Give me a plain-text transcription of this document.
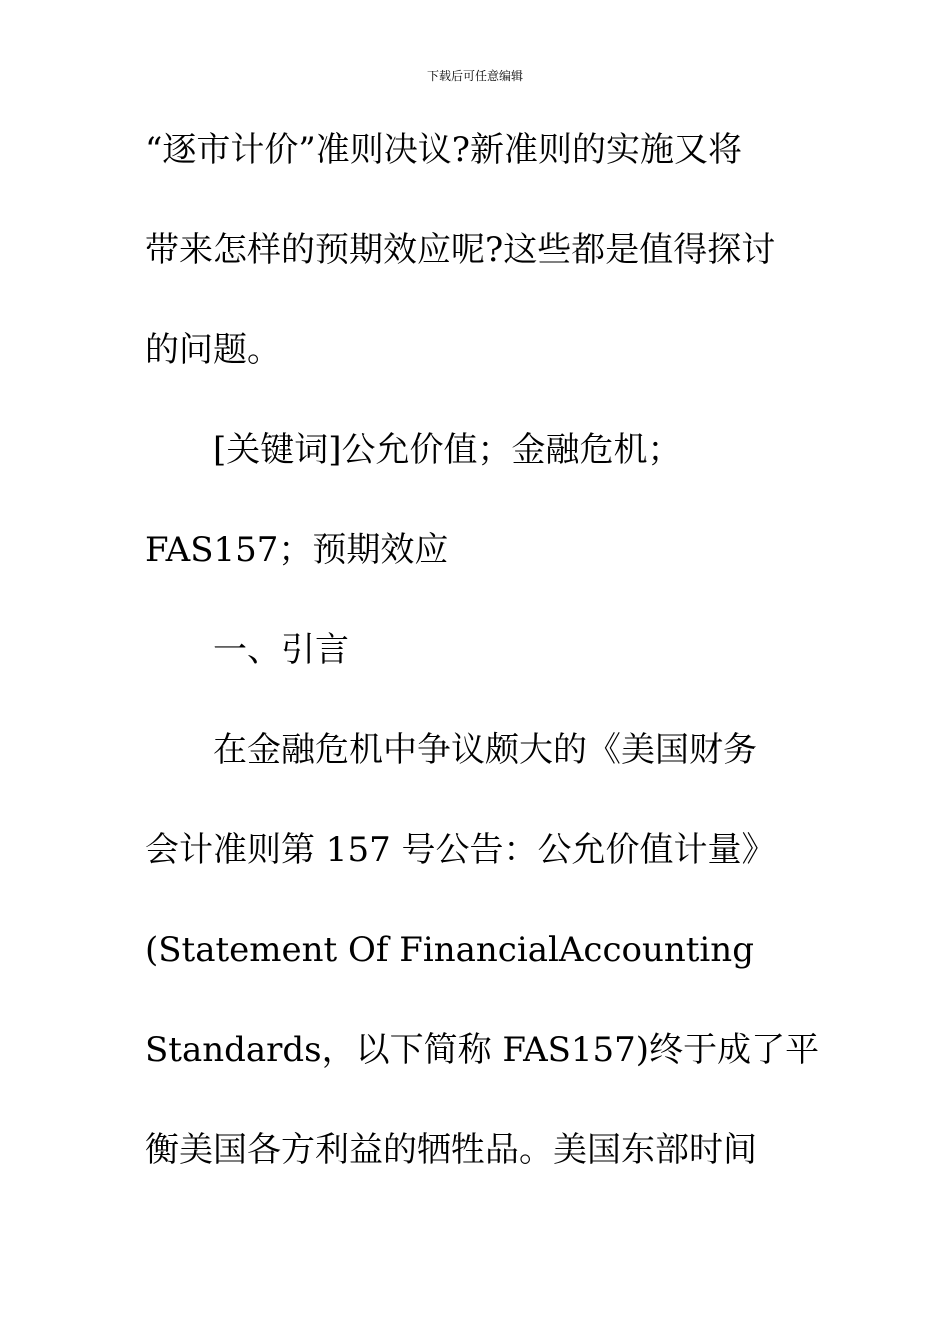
下载后可任意编辑
“逐市计价”准则决议?新准则的实施又将
带来怎样的预期效应呢?这些都是值得探讨
的问题。
[关键词]公允价值；金融危机；
FAS157；预期效应
一、引言
在金融危机中争议颇大的《美国财务
会计准则第 157 号公告：公允价值计量》
(Statement Of FinancialAccounting
Standards，以下简称 FAS157)终于成了平
衡美国各方利益的牺牲品。美国东部时间
